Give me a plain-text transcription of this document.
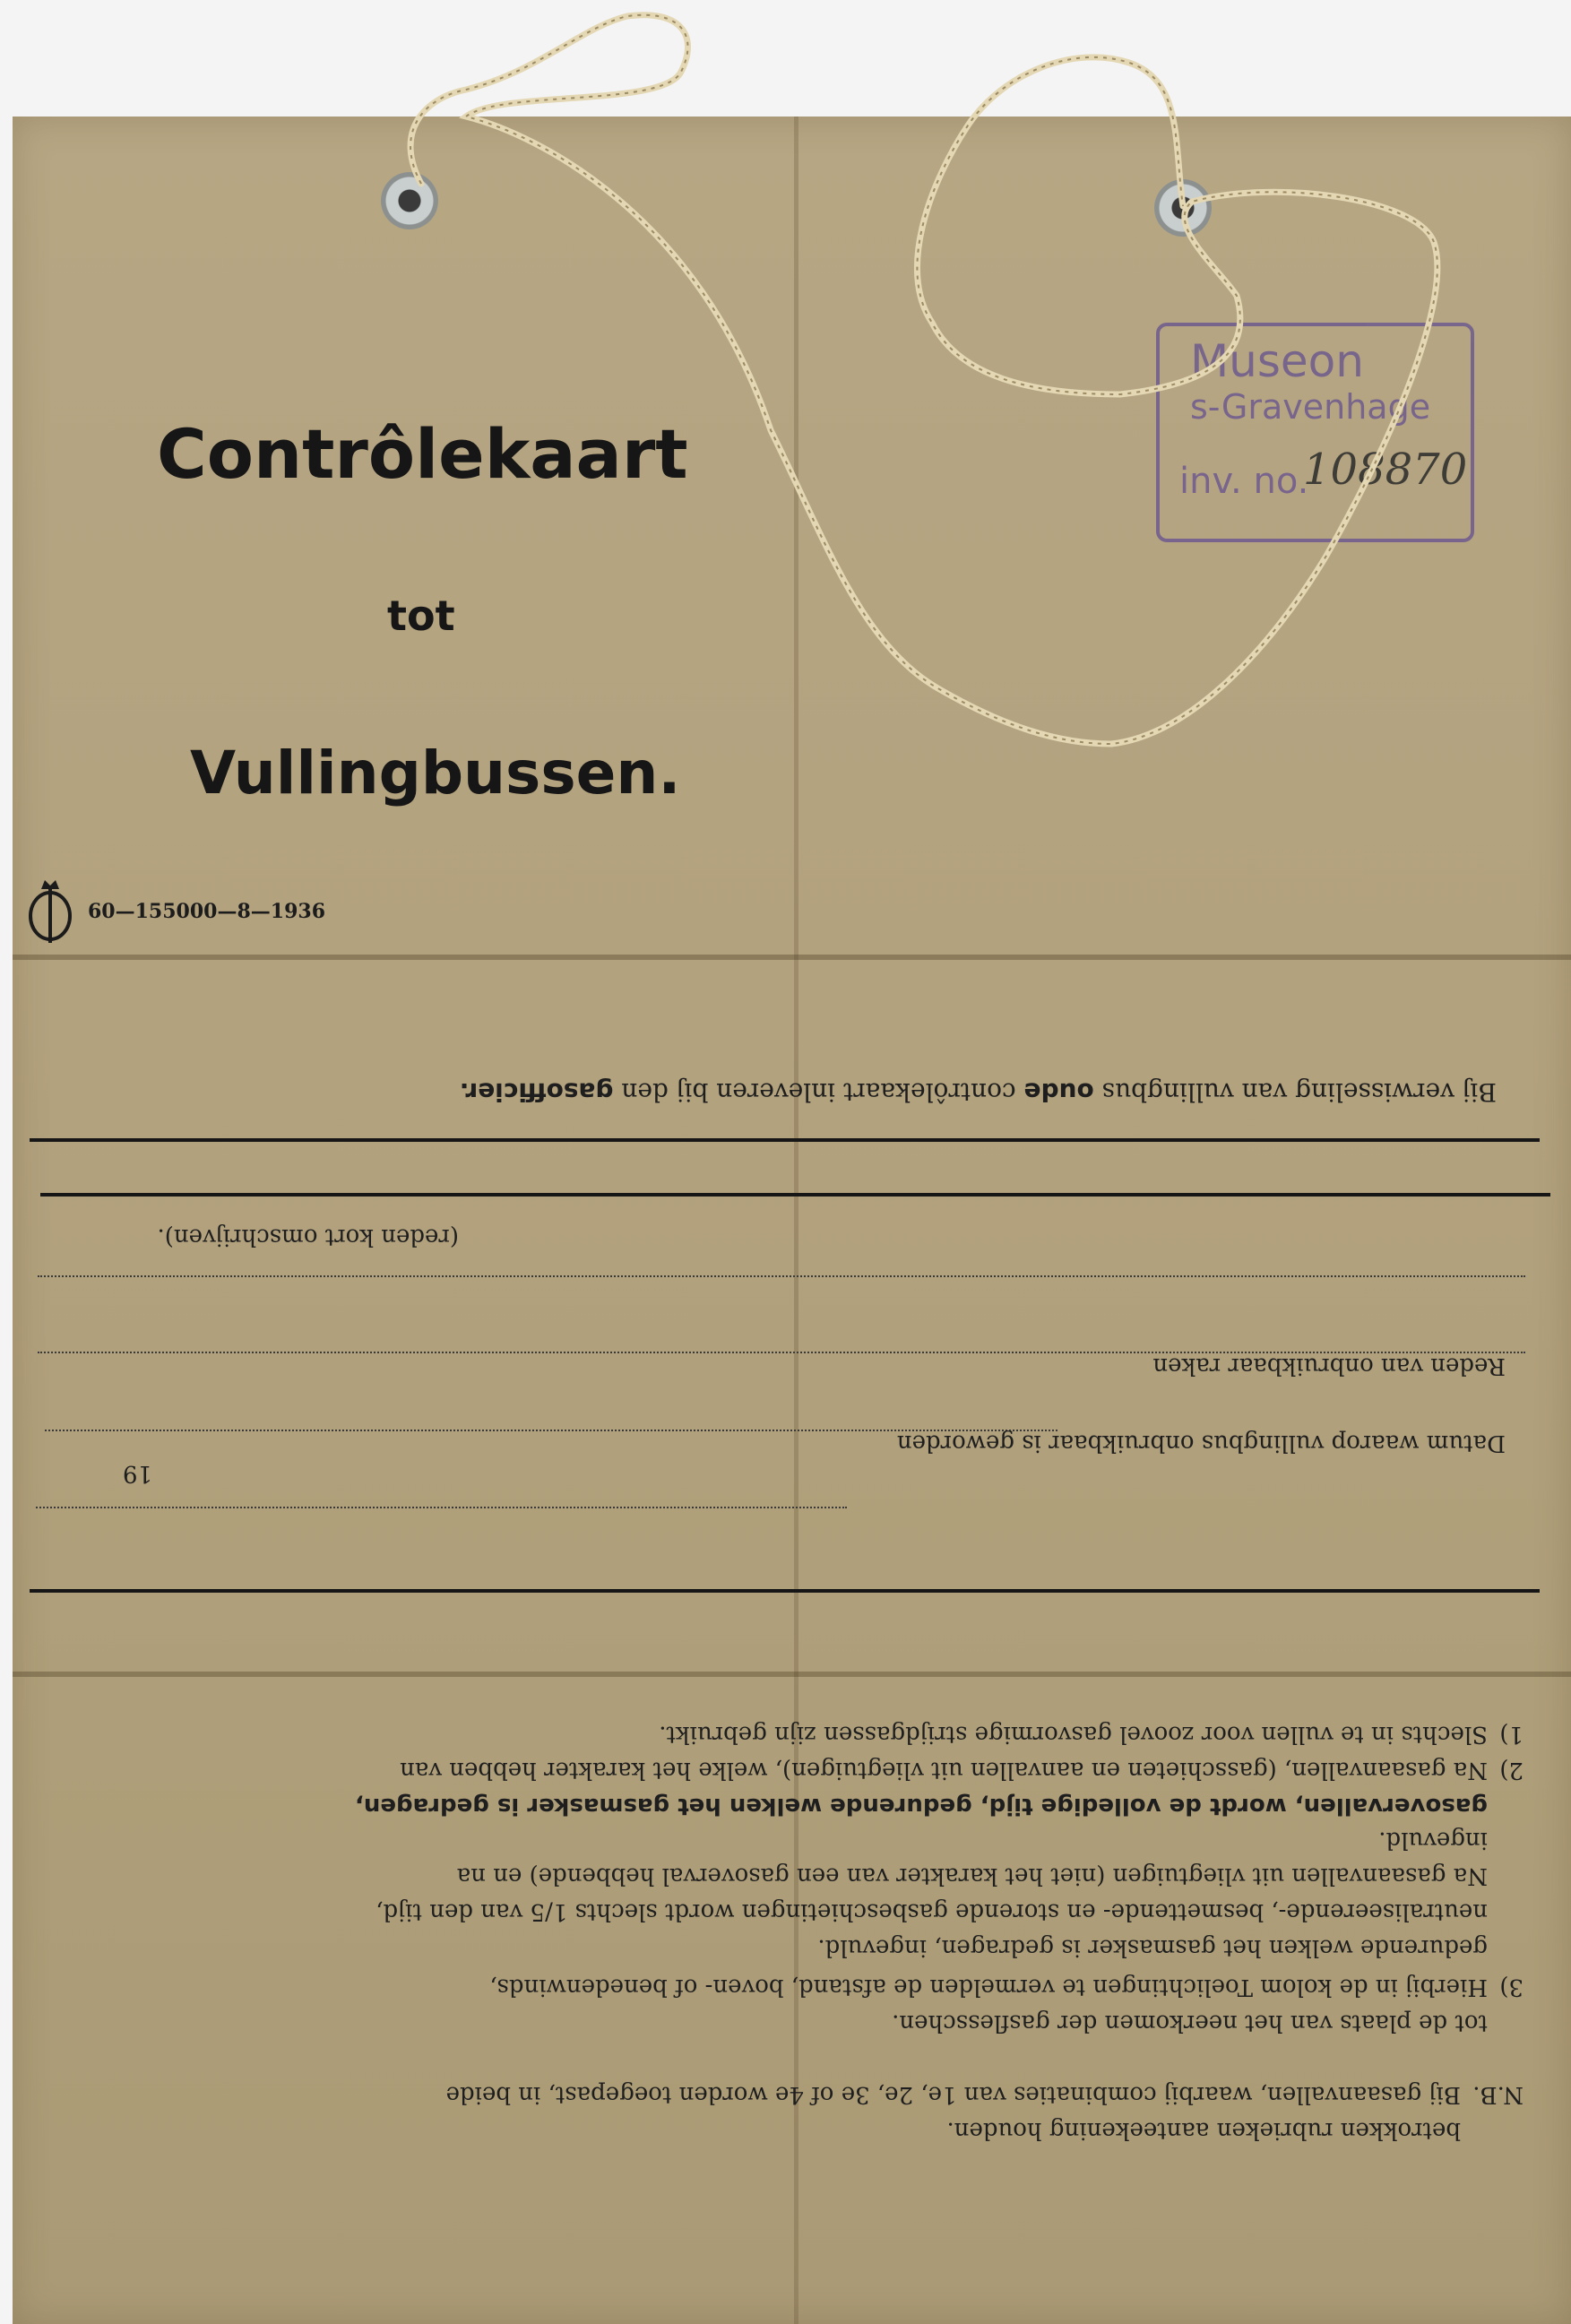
Contrôlekaart
tot
Vullingbussen.
60—155000—8—1936
Museon
s-Gravenhage
inv. no.
108870
Bij verwisseling van vullingbus oude contrôlekaart inleveren bij den gasofficier.
(reden kort omschrijven).
Reden van onbruikbaar raken
Datum waarop vullingbus onbruikbaar is geworden
19
1)
Slechts in te vullen voor zoovel gasvormige strijdgassen zijn gebruikt.
2)
Na gasaanvallen, (gasschieten en aanvallen uit vliegtuigen), welke het karakter hebben van
gasovervallen, wordt de volledige tijd, gedurende welken het gasmasker is gedragen,
ingevuld.
Na gasaanvallen uit vliegtuigen (niet het karakter van een gasoverval hebbende) en na
neutraliseerende-, besmettende- en storende gasbeschietingen wordt slechts 1/5 van den tijd,
gedurende welken het gasmasker is gedragen, ingevuld.
3)
Hierbij in de kolom Toelichtingen te vermelden de afstand, boven- of benedenwinds,
tot de plaats van het neerkomen der gasflesschen.
N.B.
Bij gasaanvallen, waarbij combinaties van 1e, 2e, 3e of 4e worden toegepast, in beide
betrokken rubrieken aanteekening houden.
